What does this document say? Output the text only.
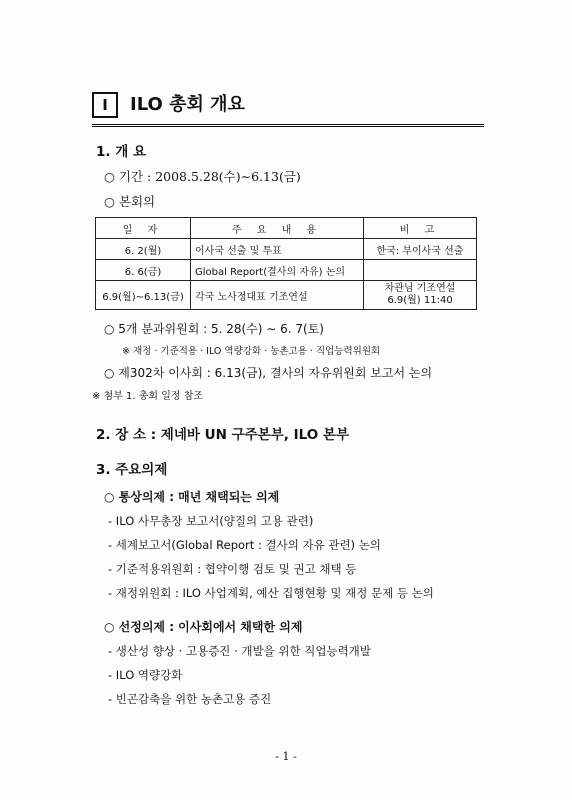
Ⅰ	ILO 총회 개요
1. 개 요
○ 기간 : 2008.5.28(수)∼6.13(금)
○ 본회의
일 자	주 요 내 용	비 고
6. 2(월)	이사국 선출 및 투표	한국: 부이사국 선출
6. 6(금)	Global Report(결사의 자유) 논의	
6.9(월)∼6.13(금)	각국 노사정대표 기조연설	차관님 기조연설
6.9(월) 11:40
○ 5개 분과위원회 : 5. 28(수) ∼ 6. 7(토)
※ 재정 · 기준적용 · ILO 역량강화 · 농촌고용 · 직업능력위원회
○ 제302차 이사회 : 6.13(금), 결사의 자유위원회 보고서 논의
※ 첨부 1. 총회 일정 참조
2. 장 소 : 제네바 UN 구주본부, ILO 본부
3. 주요의제
○ 통상의제 : 매년 채택되는 의제
- ILO 사무총장 보고서(양질의 고용 관련)
- 세계보고서(Global Report : 결사의 자유 관련) 논의
- 기준적용위원회 : 협약이행 검토 및 권고 채택 등
- 재정위원회 : ILO 사업계획, 예산 집행현황 및 재정 문제 등 논의
○ 선정의제 : 이사회에서 채택한 의제
- 생산성 향상 · 고용증진 · 개발을 위한 직업능력개발
- ILO 역량강화
- 빈곤감축을 위한 농촌고용 증진
- 1 -
